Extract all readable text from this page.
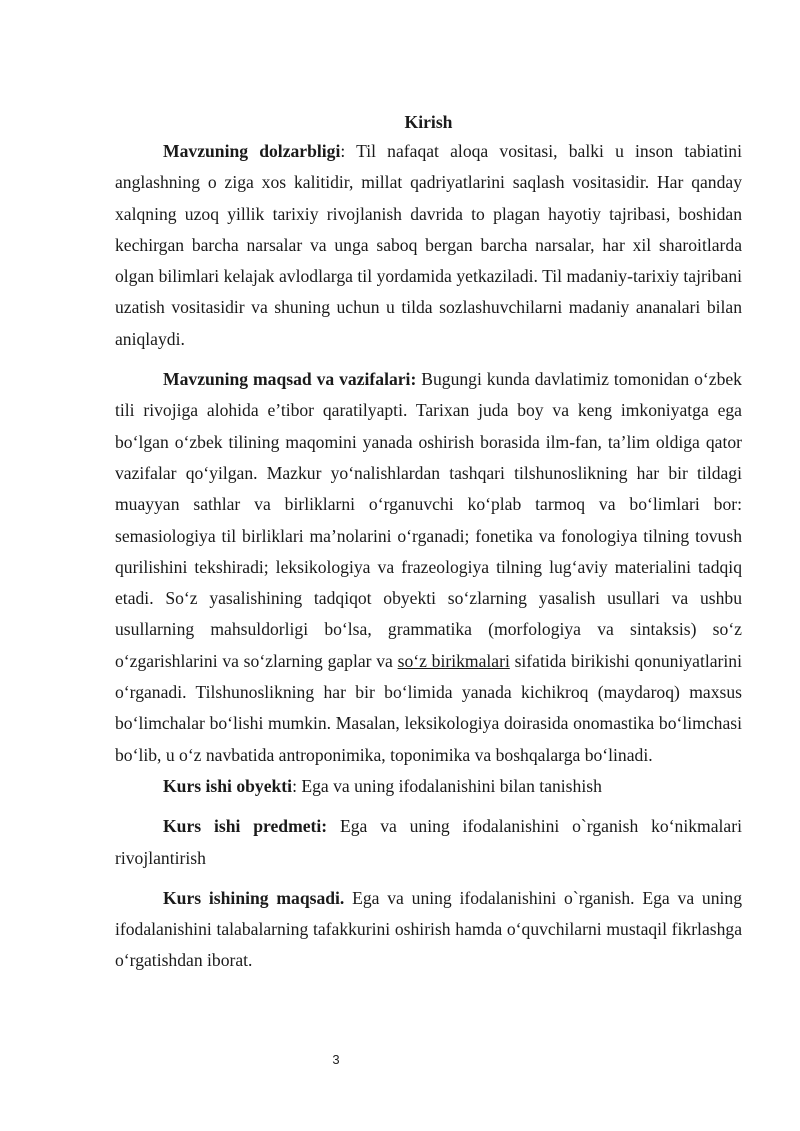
Kirish

Mavzuning dolzarbligi: Til nafaqat aloqa vositasi, balki u inson tabiatini anglashning o ziga xos kalitidir, millat qadriyatlarini saqlash vositasidir. Har qanday xalqning uzoq yillik tarixiy rivojlanish davrida to plagan hayotiy tajribasi, boshidan kechirgan barcha narsalar va unga saboq bergan barcha narsalar, har xil sharoitlarda olgan bilimlari kelajak avlodlarga til yordamida yetkaziladi. Til madaniy-tarixiy tajribani uzatish vositasidir va shuning uchun u tilda sozlashuvchilarni madaniy ananalari bilan aniqlaydi.

Mavzuning maqsad va vazifalari: Bugungi kunda davlatimiz tomonidan o‘zbek tili rivojiga alohida e’tibor qaratilyapti. Tarixan juda boy va keng imkoniyatga ega bo‘lgan o‘zbek tilining maqomini yanada oshirish borasida ilm-fan, ta’lim oldiga qator vazifalar qo‘yilgan. Mazkur yo‘nalishlardan tashqari tilshunoslikning har bir tildagi muayyan sathlar va birliklarni o‘rganuvchi ko‘plab tarmoq va bo‘limlari bor: semasiologiya til birliklari ma’nolarini o‘rganadi; fonetika va fonologiya tilning tovush qurilishini tekshiradi; leksikologiya va frazeologiya tilning lug‘aviy materialini tadqiq etadi. So‘z yasalishining tadqiqot obyekti so‘zlarning yasalish usullari va ushbu usullarning mahsuldorligi bo‘lsa, grammatika (morfologiya va sintaksis) so‘z o‘zgarishlarini va so‘zlarning gaplar va so‘z birikmalari sifatida birikishi qonuniyatlarini o‘rganadi. Tilshunoslikning har bir bo‘limida yanada kichikroq (maydaroq) maxsus bo‘limchalar bo‘lishi mumkin. Masalan, leksikologiya doirasida onomastika bo‘limchasi bo‘lib, u o‘z navbatida antroponimika, toponimika va boshqalarga bo‘linadi.

Kurs ishi obyekti: Ega va uning ifodalanishini bilan tanishish

Kurs ishi predmeti: Ega va uning ifodalanishini o`rganish ko‘nikmalari rivojlantirish

Kurs ishining maqsadi. Ega va uning ifodalanishini o`rganish. Ega va uning ifodalanishini talabalarning tafakkurini oshirish hamda o‘quvchilarni mustaqil fikrlashga o‘rgatishdan iborat.

3
